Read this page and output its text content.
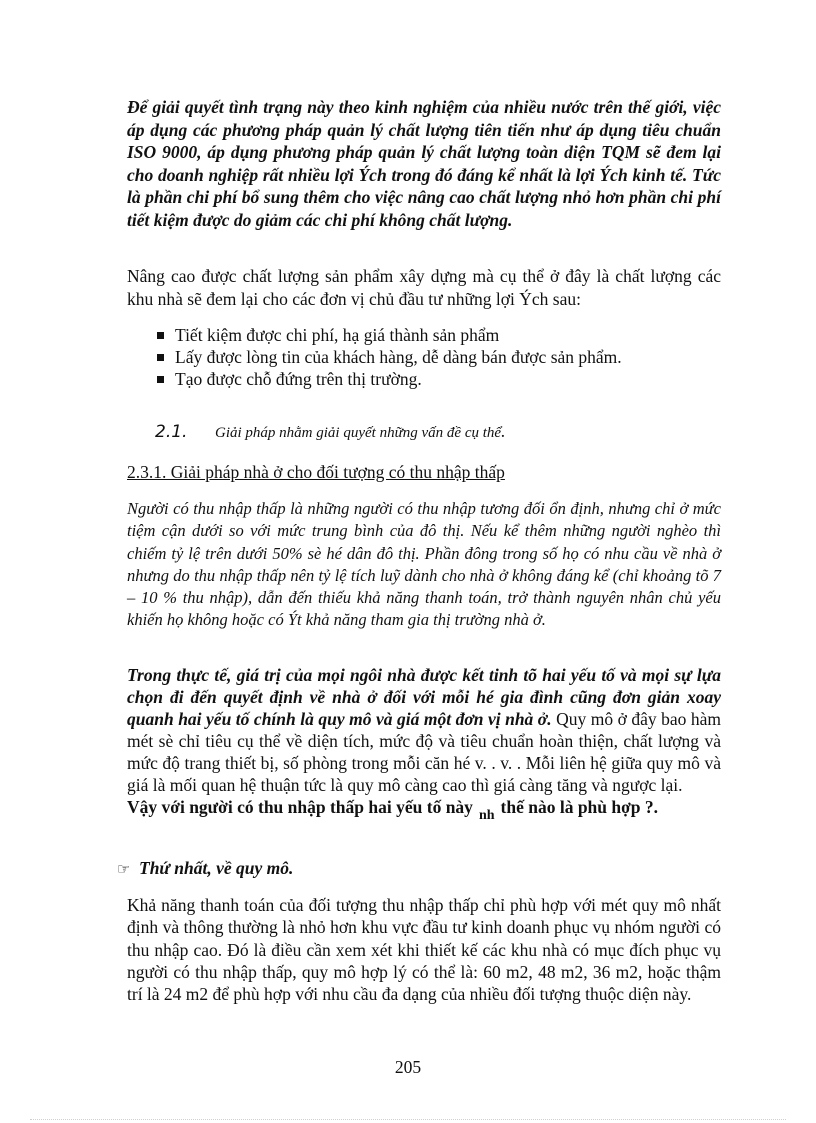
Để giải quyết tình trạng này theo kinh nghiệm của nhiều nước trên thế giới, việc áp dụng các phương pháp quản lý chất lượng tiên tiến như áp dụng tiêu chuẩn ISO 9000, áp dụng phương pháp quản lý chất lượng toàn diện TQM sẽ đem lại cho doanh nghiệp rất nhiều lợi Ých trong đó đáng kể nhất là lợi Ých kinh tế. Tức là phần chi phí bổ sung thêm cho việc nâng cao chất lượng nhỏ hơn phần chi phí tiết kiệm được do giảm các chi phí không chất lượng.

Nâng cao được chất lượng sản phẩm xây dựng mà cụ thể ở đây là chất lượng các khu nhà sẽ đem lại cho các đơn vị chủ đầu tư những lợi Ých sau:

Tiết kiệm được chi phí, hạ giá thành sản phẩm
Lấy được lòng tin của khách hàng, dễ dàng bán được sản phẩm.
Tạo được chỗ đứng trên thị trường.
2.1. Giải pháp nhằm giải quyết những vấn đề cụ thể.
2.3.1. Giải pháp nhà ở cho đối tượng có thu nhập thấp

Người có thu nhập thấp là những người có thu nhập tương đối ổn định, nhưng chỉ ở mức tiệm cận dưới so với mức trung bình của đô thị. Nếu kể thêm những người nghèo thì chiếm tỷ lệ trên dưới 50% sè hé dân đô thị. Phần đông trong số họ có nhu cầu về nhà ở nhưng do thu nhập thấp nên tỷ lệ tích luỹ dành cho nhà ở không đáng kể (chỉ khoảng tõ 7 – 10 % thu nhập), dẫn đến thiếu khả năng thanh toán, trở thành nguyên nhân chủ yếu khiến họ không hoặc có Ýt khả năng tham gia thị trường nhà ở.

Trong thực tế, giá trị của mọi ngôi nhà được kết tinh tõ hai yếu tố và mọi sự lựa chọn đi đến quyết định về nhà ở đối với mỗi hé gia đình cũng đơn giản xoay quanh hai yếu tố chính là quy mô và giá một đơn vị nhà ở. Quy mô ở đây bao hàm mét sè chỉ tiêu cụ thể về diện tích, mức độ và tiêu chuẩn hoàn thiện, chất lượng và mức độ trang thiết bị, số phòng trong mỗi căn hé v. . v. . Mỗi liên hệ giữa quy mô và giá là mối quan hệ thuận tức là quy mô càng cao thì giá càng tăng và ngược lại.
Vậy với người có thu nhập thấp hai yếu tố này $_{nh}$ thế nào là phù hợp ?.
☞ Thứ nhất, về quy mô.

Khả năng thanh toán của đối tượng thu nhập thấp chỉ phù hợp với mét quy mô nhất định và thông thường là nhỏ hơn khu vực đầu tư kinh doanh phục vụ nhóm người có thu nhập cao. Đó là điều cần xem xét khi thiết kế các khu nhà có mục đích phục vụ người có thu nhập thấp, quy mô hợp lý có thể là: 60 m2, 48 m2, 36 m2, hoặc thậm trí là 24 m2 để phù hợp với nhu cầu đa dạng của nhiều đối tượng thuộc diện này.

205
